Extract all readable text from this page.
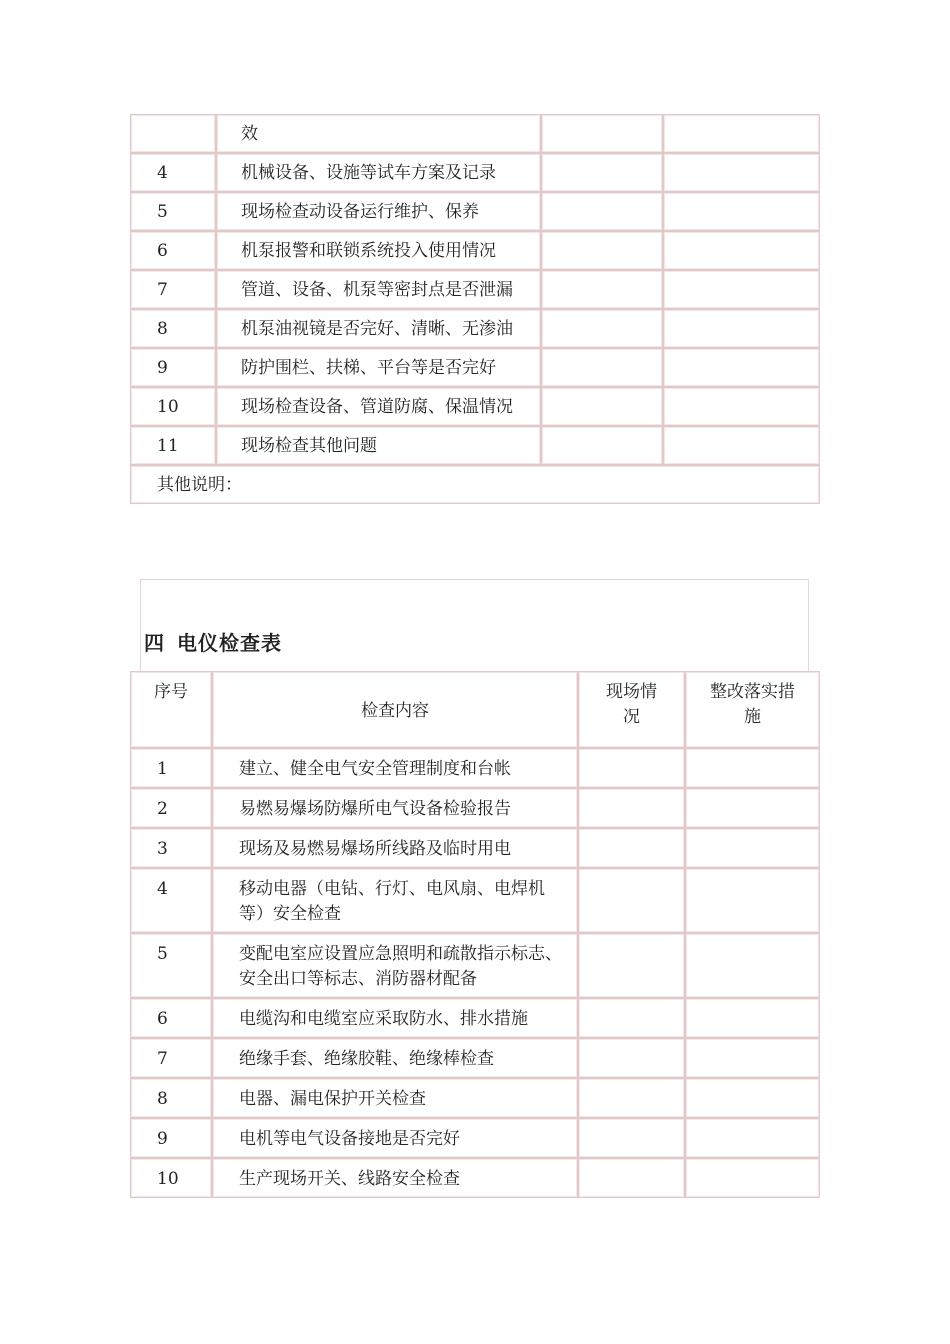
	效		
4	机械设备、设施等试车方案及记录		
5	现场检查动设备运行维护、保养		
6	机泵报警和联锁系统投入使用情况		
7	管道、设备、机泵等密封点是否泄漏		
8	机泵油视镜是否完好、清晰、无渗油		
9	防护围栏、扶梯、平台等是否完好		
10	现场检查设备、管道防腐、保温情况		
11	现场检查其他问题		
其他说明：			
四 电仪检查表
序号	检查内容	现场情况	整改落实措施
1	建立、健全电气安全管理制度和台帐		
2	易燃易爆场防爆所电气设备检验报告		
3	现场及易燃易爆场所线路及临时用电		
4	移动电器（电钻、行灯、电风扇、电焊机等）安全检查		
5	变配电室应设置应急照明和疏散指示标志、
安全出口等标志、消防器材配备		
6	电缆沟和电缆室应采取防水、排水措施		
7	绝缘手套、绝缘胶鞋、绝缘棒检查		
8	电器、漏电保护开关检查		
9	电机等电气设备接地是否完好		
10	生产现场开关、线路安全检查		
